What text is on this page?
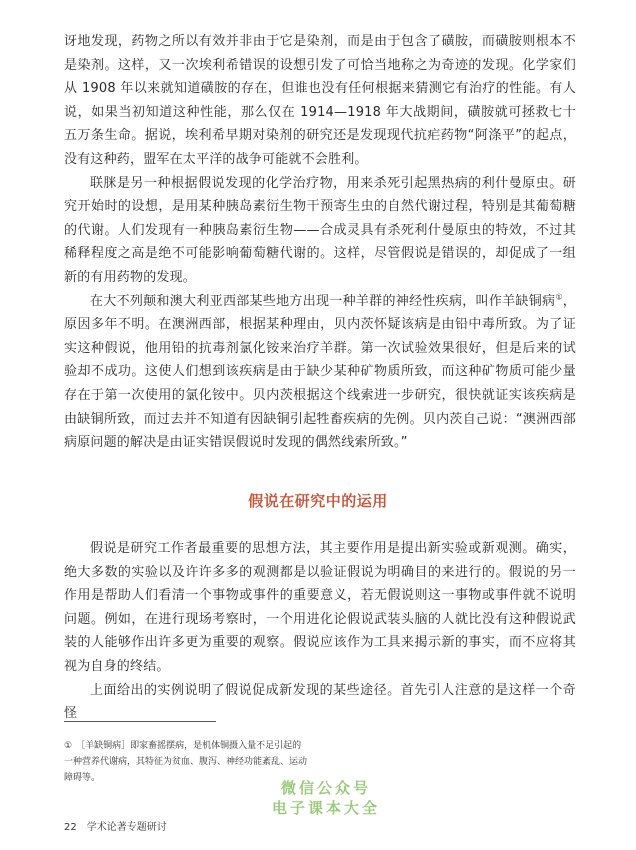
讶地发现，药物之所以有效并非由于它是染剂，而是由于包含了磺胺，而磺胺则根本不是染剂。这样，又一次埃利希错误的设想引发了可恰当地称之为奇迹的发现。化学家们从 1908 年以来就知道磺胺的存在，但谁也没有任何根据来猜测它有治疗的性能。有人说，如果当初知道这种性能，那么仅在 1914—1918 年大战期间，磺胺就可拯救七十五万条生命。据说，埃利希早期对染剂的研究还是发现现代抗疟药物“阿涤平”的起点，没有这种药，盟军在太平洋的战争可能就不会胜利。

联脒是另一种根据假说发现的化学治疗物，用来杀死引起黑热病的利什曼原虫。研究开始时的设想，是用某种胰岛素衍生物干预寄生虫的自然代谢过程，特别是其葡萄糖的代谢。人们发现有一种胰岛素衍生物——合成灵具有杀死利什曼原虫的特效，不过其稀释程度之高是绝不可能影响葡萄糖代谢的。这样，尽管假说是错误的，却促成了一组新的有用药物的发现。

在大不列颠和澳大利亚西部某些地方出现一种羊群的神经性疾病，叫作羊缺铜病①，原因多年不明。在澳洲西部，根据某种理由，贝内茨怀疑该病是由铅中毒所致。为了证实这种假说，他用铅的抗毒剂氯化铵来治疗羊群。第一次试验效果很好，但是后来的试验却不成功。这使人们想到该疾病是由于缺少某种矿物质所致，而这种矿物质可能少量存在于第一次使用的氯化铵中。贝内茨根据这个线索进一步研究，很快就证实该疾病是由缺铜所致，而过去并不知道有因缺铜引起牲畜疾病的先例。贝内茨自己说：“澳洲西部病原问题的解决是由证实错误假说时发现的偶然线索所致。”

假说在研究中的运用

假说是研究工作者最重要的思想方法，其主要作用是提出新实验或新观测。确实，绝大多数的实验以及许许多多的观测都是以验证假说为明确目的来进行的。假说的另一作用是帮助人们看清一个事物或事件的重要意义，若无假说则这一事物或事件就不说明问题。例如，在进行现场考察时，一个用进化论假说武装头脑的人就比没有这种假说武装的人能够作出许多更为重要的观察。假说应该作为工具来揭示新的事实，而不应将其视为自身的终结。

上面给出的实例说明了假说促成新发现的某些途径。首先引人注意的是这样一个奇怪

① ［羊缺铜病］即家畜摇摆病，是机体铜摄入量不足引起的一种营养代谢病，其特征为贫血、腹泻、神经功能紊乱、运动障碍等。
微信公众号
电子课本大全
22 学术论著专题研讨
